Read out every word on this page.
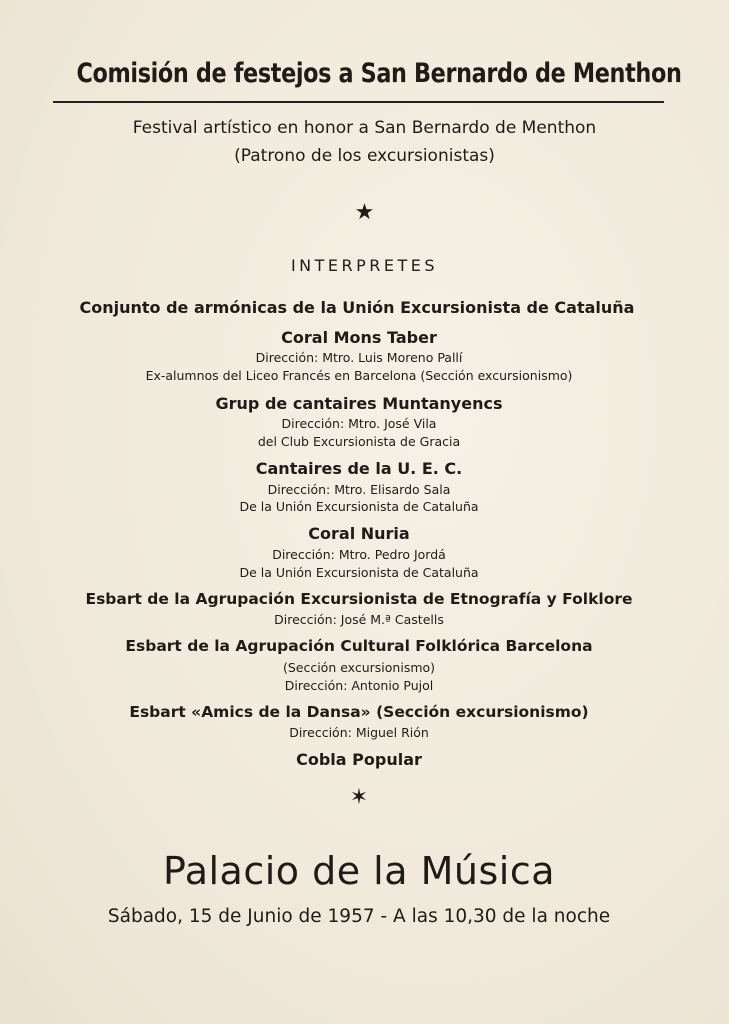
Comisión de festejos a San Bernardo de Menthon
Festival artístico en honor a San Bernardo de Menthon
(Patrono de los excursionistas)
★
INTERPRETES
Conjunto de armónicas de la Unión Excursionista de Cataluña
Coral Mons Taber
Dirección: Mtro. Luis Moreno Pallí
Ex-alumnos del Liceo Francés en Barcelona (Sección excursionismo)
Grup de cantaires Muntanyencs
Dirección: Mtro. José Vila
del Club Excursionista de Gracia
Cantaires de la U. E. C.
Dirección: Mtro. Elisardo Sala
De la Unión Excursionista de Cataluña
Coral Nuria
Dirección: Mtro. Pedro Jordá
De la Unión Excursionista de Cataluña
Esbart de la Agrupación Excursionista de Etnografía y Folklore
Dirección: José M.ª Castells
Esbart de la Agrupación Cultural Folklórica Barcelona
(Sección excursionismo)
Dirección: Antonio Pujol
Esbart «Amics de la Dansa» (Sección excursionismo)
Dirección: Miguel Rión
Cobla Popular
✶
Palacio de la Música
Sábado, 15 de Junio de 1957 - A las 10,30 de la noche
